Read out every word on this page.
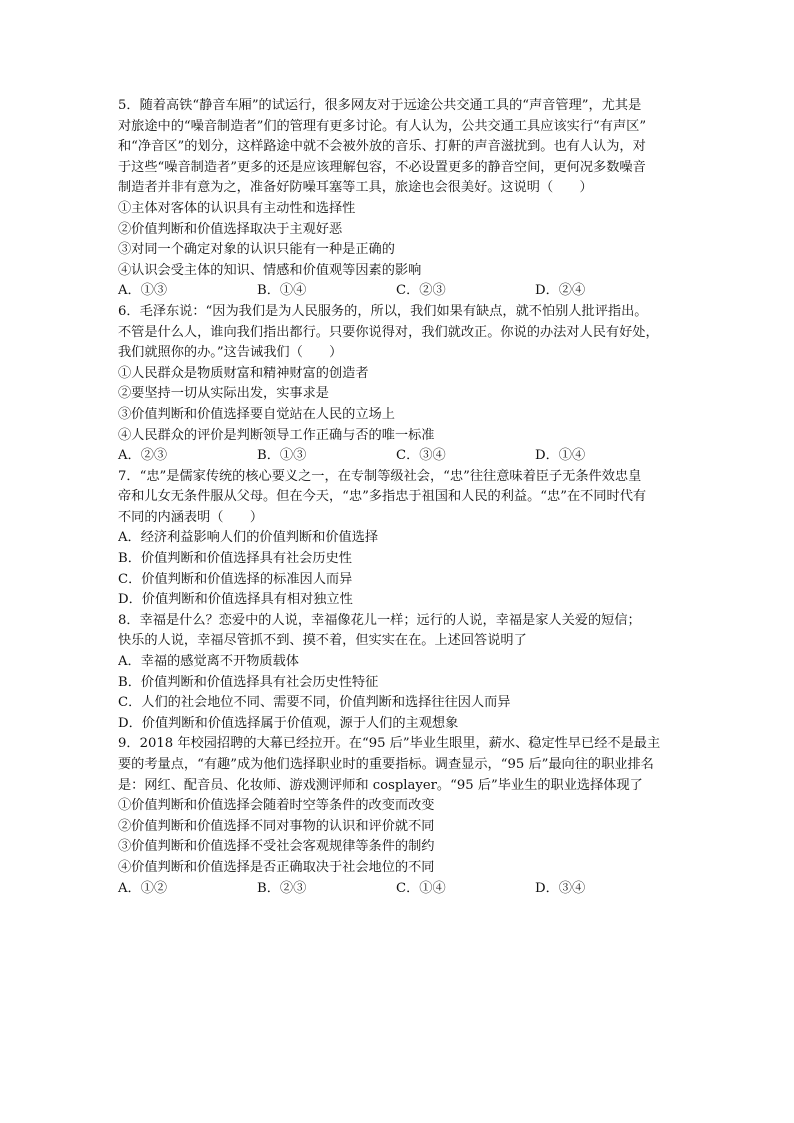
5．随着高铁“静音车厢”的试运行，很多网友对于远途公共交通工具的“声音管理”，尤其是
对旅途中的“噪音制造者”们的管理有更多讨论。有人认为，公共交通工具应该实行“有声区”
和“净音区”的划分，这样路途中就不会被外放的音乐、打鼾的声音滋扰到。也有人认为，对
于这些“噪音制造者”更多的还是应该理解包容，不必设置更多的静音空间，更何况多数噪音
制造者并非有意为之，准备好防噪耳塞等工具，旅途也会很美好。这说明（　　）
①主体对客体的认识具有主动性和选择性
②价值判断和价值选择取决于主观好恶
③对同一个确定对象的认识只能有一种是正确的
④认识会受主体的知识、情感和价值观等因素的影响
A．①③	B．①④	C．②③	D．②④
6．毛泽东说：“因为我们是为人民服务的，所以，我们如果有缺点，就不怕别人批评指出。
不管是什么人，谁向我们指出都行。只要你说得对，我们就改正。你说的办法对人民有好处，
我们就照你的办。”这告诫我们（　　）
①人民群众是物质财富和精神财富的创造者
②要坚持一切从实际出发，实事求是
③价值判断和价值选择要自觉站在人民的立场上
④人民群众的评价是判断领导工作正确与否的唯一标准
A．②③	B．①③	C．③④	D．①④
7．“忠”是儒家传统的核心要义之一，在专制等级社会，“忠”往往意味着臣子无条件效忠皇
帝和儿女无条件服从父母。但在今天，“忠”多指忠于祖国和人民的利益。“忠”在不同时代有
不同的内涵表明（　　）
A．经济利益影响人们的价值判断和价值选择
B．价值判断和价值选择具有社会历史性
C．价值判断和价值选择的标准因人而异
D．价值判断和价值选择具有相对独立性
8．幸福是什么？恋爱中的人说，幸福像花儿一样；远行的人说，幸福是家人关爱的短信；
快乐的人说，幸福尽管抓不到、摸不着，但实实在在。上述回答说明了
A．幸福的感觉离不开物质载体
B．价值判断和价值选择具有社会历史性特征
C．人们的社会地位不同、需要不同，价值判断和选择往往因人而异
D．价值判断和价值选择属于价值观，源于人们的主观想象
9．2018 年校园招聘的大幕已经拉开。在“95 后”毕业生眼里，薪水、稳定性早已经不是最主
要的考量点，“有趣”成为他们选择职业时的重要指标。调查显示，“95 后”最向往的职业排名
是：网红、配音员、化妆师、游戏测评师和 cosplayer。“95 后”毕业生的职业选择体现了
①价值判断和价值选择会随着时空等条件的改变而改变
②价值判断和价值选择不同对事物的认识和评价就不同
③价值判断和价值选择不受社会客观规律等条件的制约
④价值判断和价值选择是否正确取决于社会地位的不同
A．①②	B．②③	C．①④	D．③④
